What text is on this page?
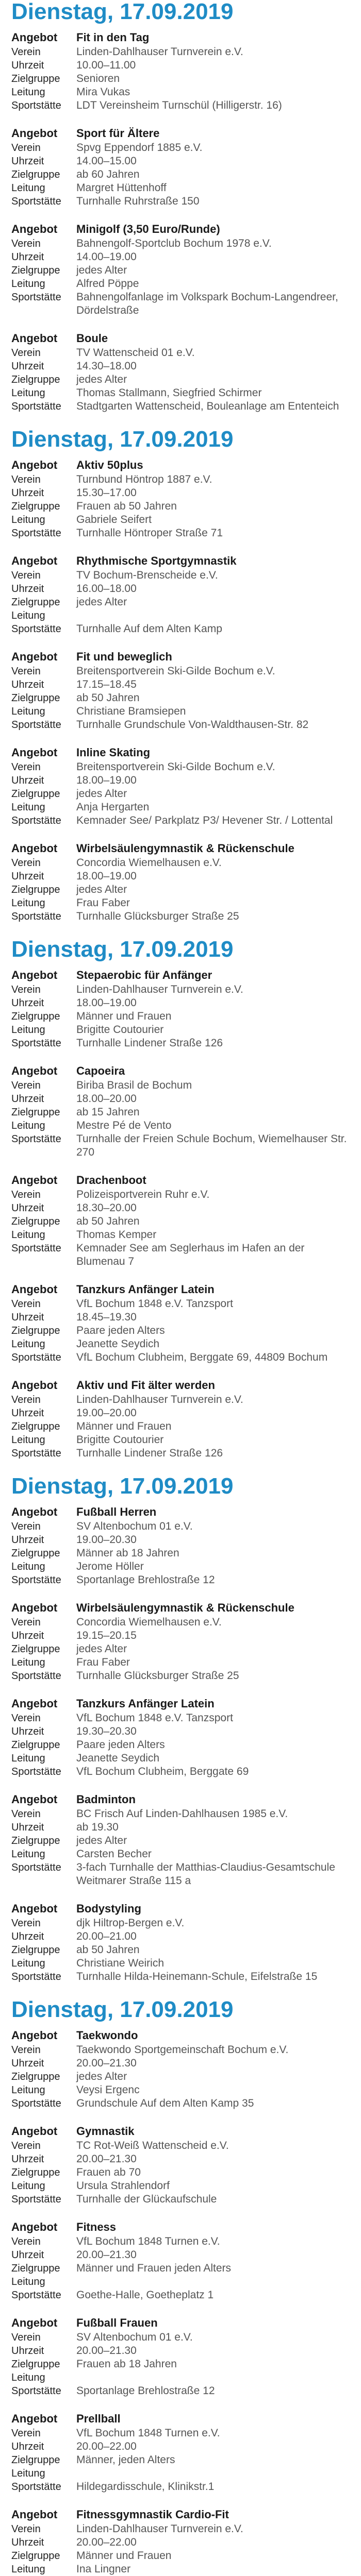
Dienstag, 17.09.2019
Angebot	Fit in den Tag
Verein	Linden-Dahlhauser Turnverein e.V.
Uhrzeit	10.00–11.00
Zielgruppe	Senioren
Leitung	Mira Vukas
Sportstätte	LDT Vereinsheim Turnschül (Hilligerstr. 16)
Angebot	Sport für Ältere
Verein	Spvg Eppendorf 1885 e.V.
Uhrzeit	14.00–15.00
Zielgruppe	ab 60 Jahren
Leitung	Margret Hüttenhoff
Sportstätte	Turnhalle Ruhrstraße 150
Angebot	Minigolf (3,50 Euro/Runde)
Verein	Bahnengolf-Sportclub Bochum 1978 e.V.
Uhrzeit	14.00–19.00
Zielgruppe	jedes Alter
Leitung	Alfred Pöppe
Sportstätte	Bahnengolfanlage im Volkspark Bochum-Langendreer, Dördelstraße
Angebot	Boule
Verein	TV Wattenscheid 01 e.V.
Uhrzeit	14.30–18.00
Zielgruppe	jedes Alter
Leitung	Thomas Stallmann, Siegfried Schirmer
Sportstätte	Stadtgarten Wattenscheid, Bouleanlage am Ententeich
Dienstag, 17.09.2019
Angebot	Aktiv 50plus
Verein	Turnbund Höntrop 1887 e.V.
Uhrzeit	15.30–17.00
Zielgruppe	Frauen ab 50 Jahren
Leitung	Gabriele Seifert
Sportstätte	Turnhalle Höntroper Straße 71
Angebot	Rhythmische Sportgymnastik
Verein	TV Bochum-Brenscheide e.V.
Uhrzeit	16.00–18.00
Zielgruppe	jedes Alter
Leitung
Sportstätte	Turnhalle Auf dem Alten Kamp
Angebot	Fit und beweglich
Verein	Breitensportverein Ski-Gilde Bochum e.V.
Uhrzeit	17.15–18.45
Zielgruppe	ab 50 Jahren
Leitung	Christiane Bramsiepen
Sportstätte	Turnhalle Grundschule Von-Waldthausen-Str. 82
Angebot	Inline Skating
Verein	Breitensportverein Ski-Gilde Bochum e.V.
Uhrzeit	18.00–19.00
Zielgruppe	jedes Alter
Leitung	Anja Hergarten
Sportstätte	Kemnader See/ Parkplatz P3/ Hevener Str. / Lottental
Angebot	Wirbelsäulengymnastik & Rückenschule
Verein	Concordia Wiemelhausen e.V.
Uhrzeit	18.00–19.00
Zielgruppe	jedes Alter
Leitung	Frau Faber
Sportstätte	Turnhalle Glücksburger Straße 25
Dienstag, 17.09.2019
Angebot	Stepaerobic für Anfänger
Verein	Linden-Dahlhauser Turnverein e.V.
Uhrzeit	18.00–19.00
Zielgruppe	Männer und Frauen
Leitung	Brigitte Coutourier
Sportstätte	Turnhalle Lindener Straße 126
Angebot	Capoeira
Verein	Biriba Brasil de Bochum
Uhrzeit	18.00–20.00
Zielgruppe	ab 15 Jahren
Leitung	Mestre Pé de Vento
Sportstätte	Turnhalle der Freien Schule Bochum, Wiemelhauser Str. 270
Angebot	Drachenboot
Verein	Polizeisportverein Ruhr e.V.
Uhrzeit	18.30–20.00
Zielgruppe	ab 50 Jahren
Leitung	Thomas Kemper
Sportstätte	Kemnader See am Seglerhaus im Hafen an der Blumenau 7
Angebot	Tanzkurs Anfänger Latein
Verein	VfL Bochum 1848 e.V. Tanzsport
Uhrzeit	18.45–19.30
Zielgruppe	Paare jeden Alters
Leitung	Jeanette Seydich
Sportstätte	VfL Bochum Clubheim, Berggate 69, 44809 Bochum
Angebot	Aktiv und Fit älter werden
Verein	Linden-Dahlhauser Turnverein e.V.
Uhrzeit	19.00–20.00
Zielgruppe	Männer und Frauen
Leitung	Brigitte Coutourier
Sportstätte	Turnhalle Lindener Straße 126
Dienstag, 17.09.2019
Angebot	Fußball Herren
Verein	SV Altenbochum 01 e.V.
Uhrzeit	19.00–20.30
Zielgruppe	Männer ab 18 Jahren
Leitung	Jerome Höller
Sportstätte	Sportanlage Brehlostraße 12
Angebot	Wirbelsäulengymnastik & Rückenschule
Verein	Concordia Wiemelhausen e.V.
Uhrzeit	19.15–20.15
Zielgruppe	jedes Alter
Leitung	Frau Faber
Sportstätte	Turnhalle Glücksburger Straße 25
Angebot	Tanzkurs Anfänger Latein
Verein	VfL Bochum 1848 e.V. Tanzsport
Uhrzeit	19.30–20.30
Zielgruppe	Paare jeden Alters
Leitung	Jeanette Seydich
Sportstätte	VfL Bochum Clubheim, Berggate 69
Angebot	Badminton
Verein	BC Frisch Auf Linden-Dahlhausen 1985 e.V.
Uhrzeit	ab 19.30
Zielgruppe	jedes Alter
Leitung	Carsten Becher
Sportstätte	3-fach Turnhalle der Matthias-Claudius-Gesamtschule Weitmarer Straße 115 a
Angebot	Bodystyling
Verein	djk Hiltrop-Bergen e.V.
Uhrzeit	20.00–21.00
Zielgruppe	ab 50 Jahren
Leitung	Christiane Weirich
Sportstätte	Turnhalle Hilda-Heinemann-Schule, Eifelstraße 15
Dienstag, 17.09.2019
Angebot	Taekwondo
Verein	Taekwondo Sportgemeinschaft Bochum e.V.
Uhrzeit	20.00–21.30
Zielgruppe	jedes Alter
Leitung	Veysi Ergenc
Sportstätte	Grundschule Auf dem Alten Kamp 35
Angebot	Gymnastik
Verein	TC Rot-Weiß Wattenscheid e.V.
Uhrzeit	20.00–21.30
Zielgruppe	Frauen ab 70
Leitung	Ursula Strahlendorf
Sportstätte	Turnhalle der Glückaufschule
Angebot	Fitness
Verein	VfL Bochum 1848 Turnen e.V.
Uhrzeit	20.00–21.30
Zielgruppe	Männer und Frauen jeden Alters
Leitung
Sportstätte	Goethe-Halle, Goetheplatz 1
Angebot	Fußball Frauen
Verein	SV Altenbochum 01 e.V.
Uhrzeit	20.00–21.30
Zielgruppe	Frauen ab 18 Jahren
Leitung
Sportstätte	Sportanlage Brehlostraße 12
Angebot	Prellball
Verein	VfL Bochum 1848 Turnen e.V.
Uhrzeit	20.00–22.00
Zielgruppe	Männer, jeden Alters
Leitung
Sportstätte	Hildegardisschule, Klinikstr.1
Angebot	Fitnessgymnastik Cardio-Fit
Verein	Linden-Dahlhauser Turnverein e.V.
Uhrzeit	20.00–22.00
Zielgruppe	Männer und Frauen
Leitung	Ina Lingner
